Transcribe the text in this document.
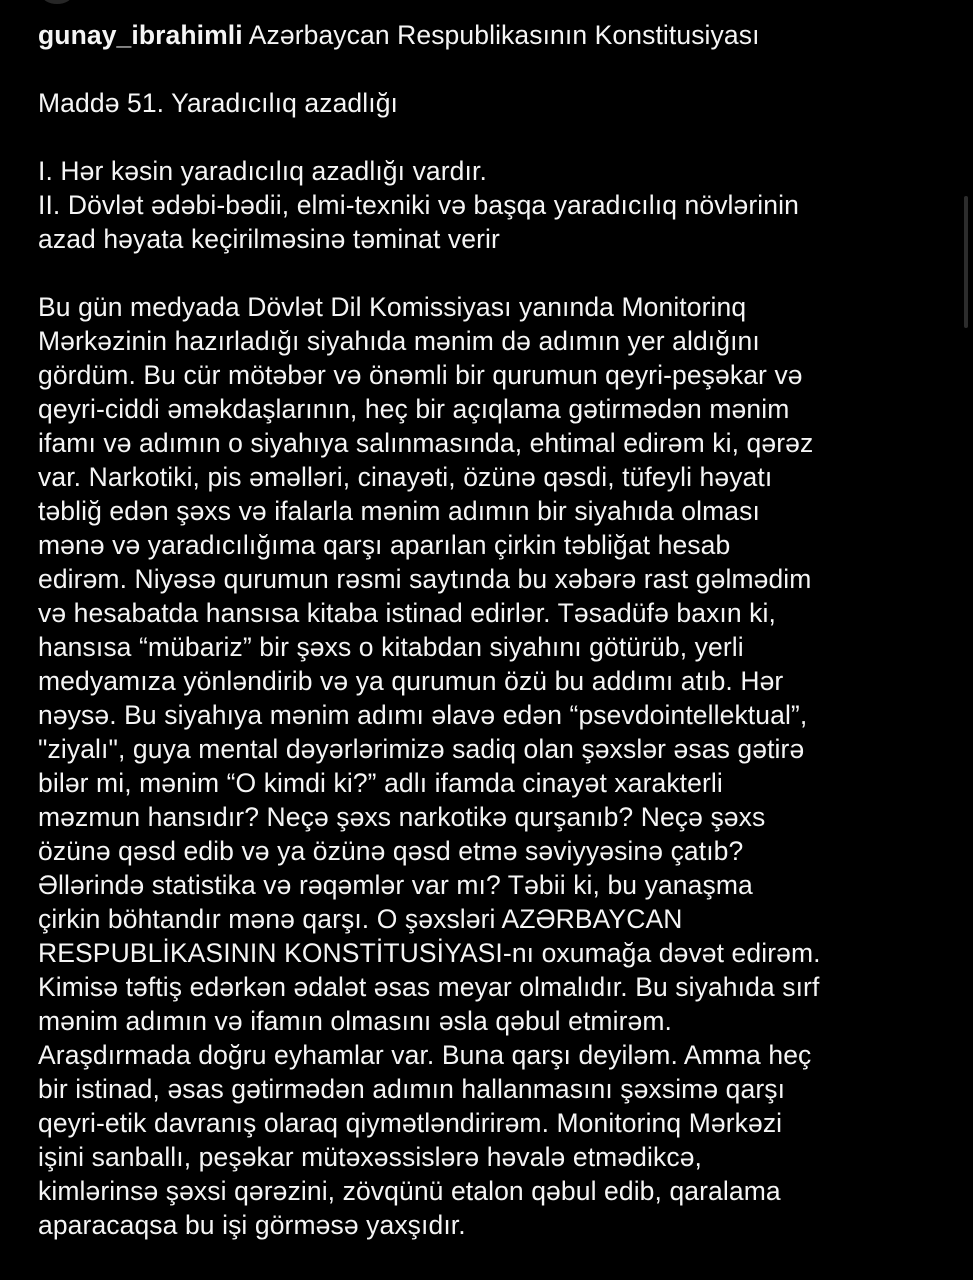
gunay_ibrahimli Azərbaycan Respublikasının Konstitusiyası

Maddə 51. Yaradıcılıq azadlığı

I. Hər kəsin yaradıcılıq azadlığı vardır.
II. Dövlət ədəbi-bədii, elmi-texniki və başqa yaradıcılıq növlərinin
azad həyata keçirilməsinə təminat verir

Bu gün medyada Dövlət Dil Komissiyası yanında Monitorinq
Mərkəzinin hazırladığı siyahıda mənim də adımın yer aldığını
gördüm. Bu cür mötəbər və önəmli bir qurumun qeyri-peşəkar və
qeyri-ciddi əməkdaşlarının, heç bir açıqlama gətirmədən mənim
ifamı və adımın o siyahıya salınmasında, ehtimal edirəm ki, qərəz
var. Narkotiki, pis əməlləri, cinayəti, özünə qəsdi, tüfeyli həyatı
təbliğ edən şəxs və ifalarla mənim adımın bir siyahıda olması
mənə və yaradıcılığıma qarşı aparılan çirkin təbliğat hesab
edirəm. Niyəsə qurumun rəsmi saytında bu xəbərə rast gəlmədim
və hesabatda hansısa kitaba istinad edirlər. Təsadüfə baxın ki,
hansısa “mübariz” bir şəxs o kitabdan siyahını götürüb, yerli
medyamıza yönləndirib və ya qurumun özü bu addımı atıb. Hər
nəysə. Bu siyahıya mənim adımı əlavə edən “psevdointellektual”,
"ziyalı", guya mental dəyərlərimizə sadiq olan şəxslər əsas gətirə
bilər mi, mənim “O kimdi ki?” adlı ifamda cinayət xarakterli
məzmun hansıdır? Neçə şəxs narkotikə qurşanıb? Neçə şəxs
özünə qəsd edib və ya özünə qəsd etmə səviyyəsinə çatıb?
Əllərində statistika və rəqəmlər var mı? Təbii ki, bu yanaşma
çirkin böhtandır mənə qarşı. O şəxsləri AZƏRBAYCAN
RESPUBLİKASININ KONSTİTUSİYASI-nı oxumağa dəvət edirəm.
Kimisə təftiş edərkən ədalət əsas meyar olmalıdır. Bu siyahıda sırf
mənim adımın və ifamın olmasını əsla qəbul etmirəm.
Araşdırmada doğru eyhamlar var. Buna qarşı deyiləm. Amma heç
bir istinad, əsas gətirmədən adımın hallanmasını şəxsimə qarşı
qeyri-etik davranış olaraq qiymətləndirirəm. Monitorinq Mərkəzi
işini sanballı, peşəkar mütəxəssislərə həvalə etmədikcə,
kimlərinsə şəxsi qərəzini, zövqünü etalon qəbul edib, qaralama
aparacaqsa bu işi görməsə yaxşıdır.
